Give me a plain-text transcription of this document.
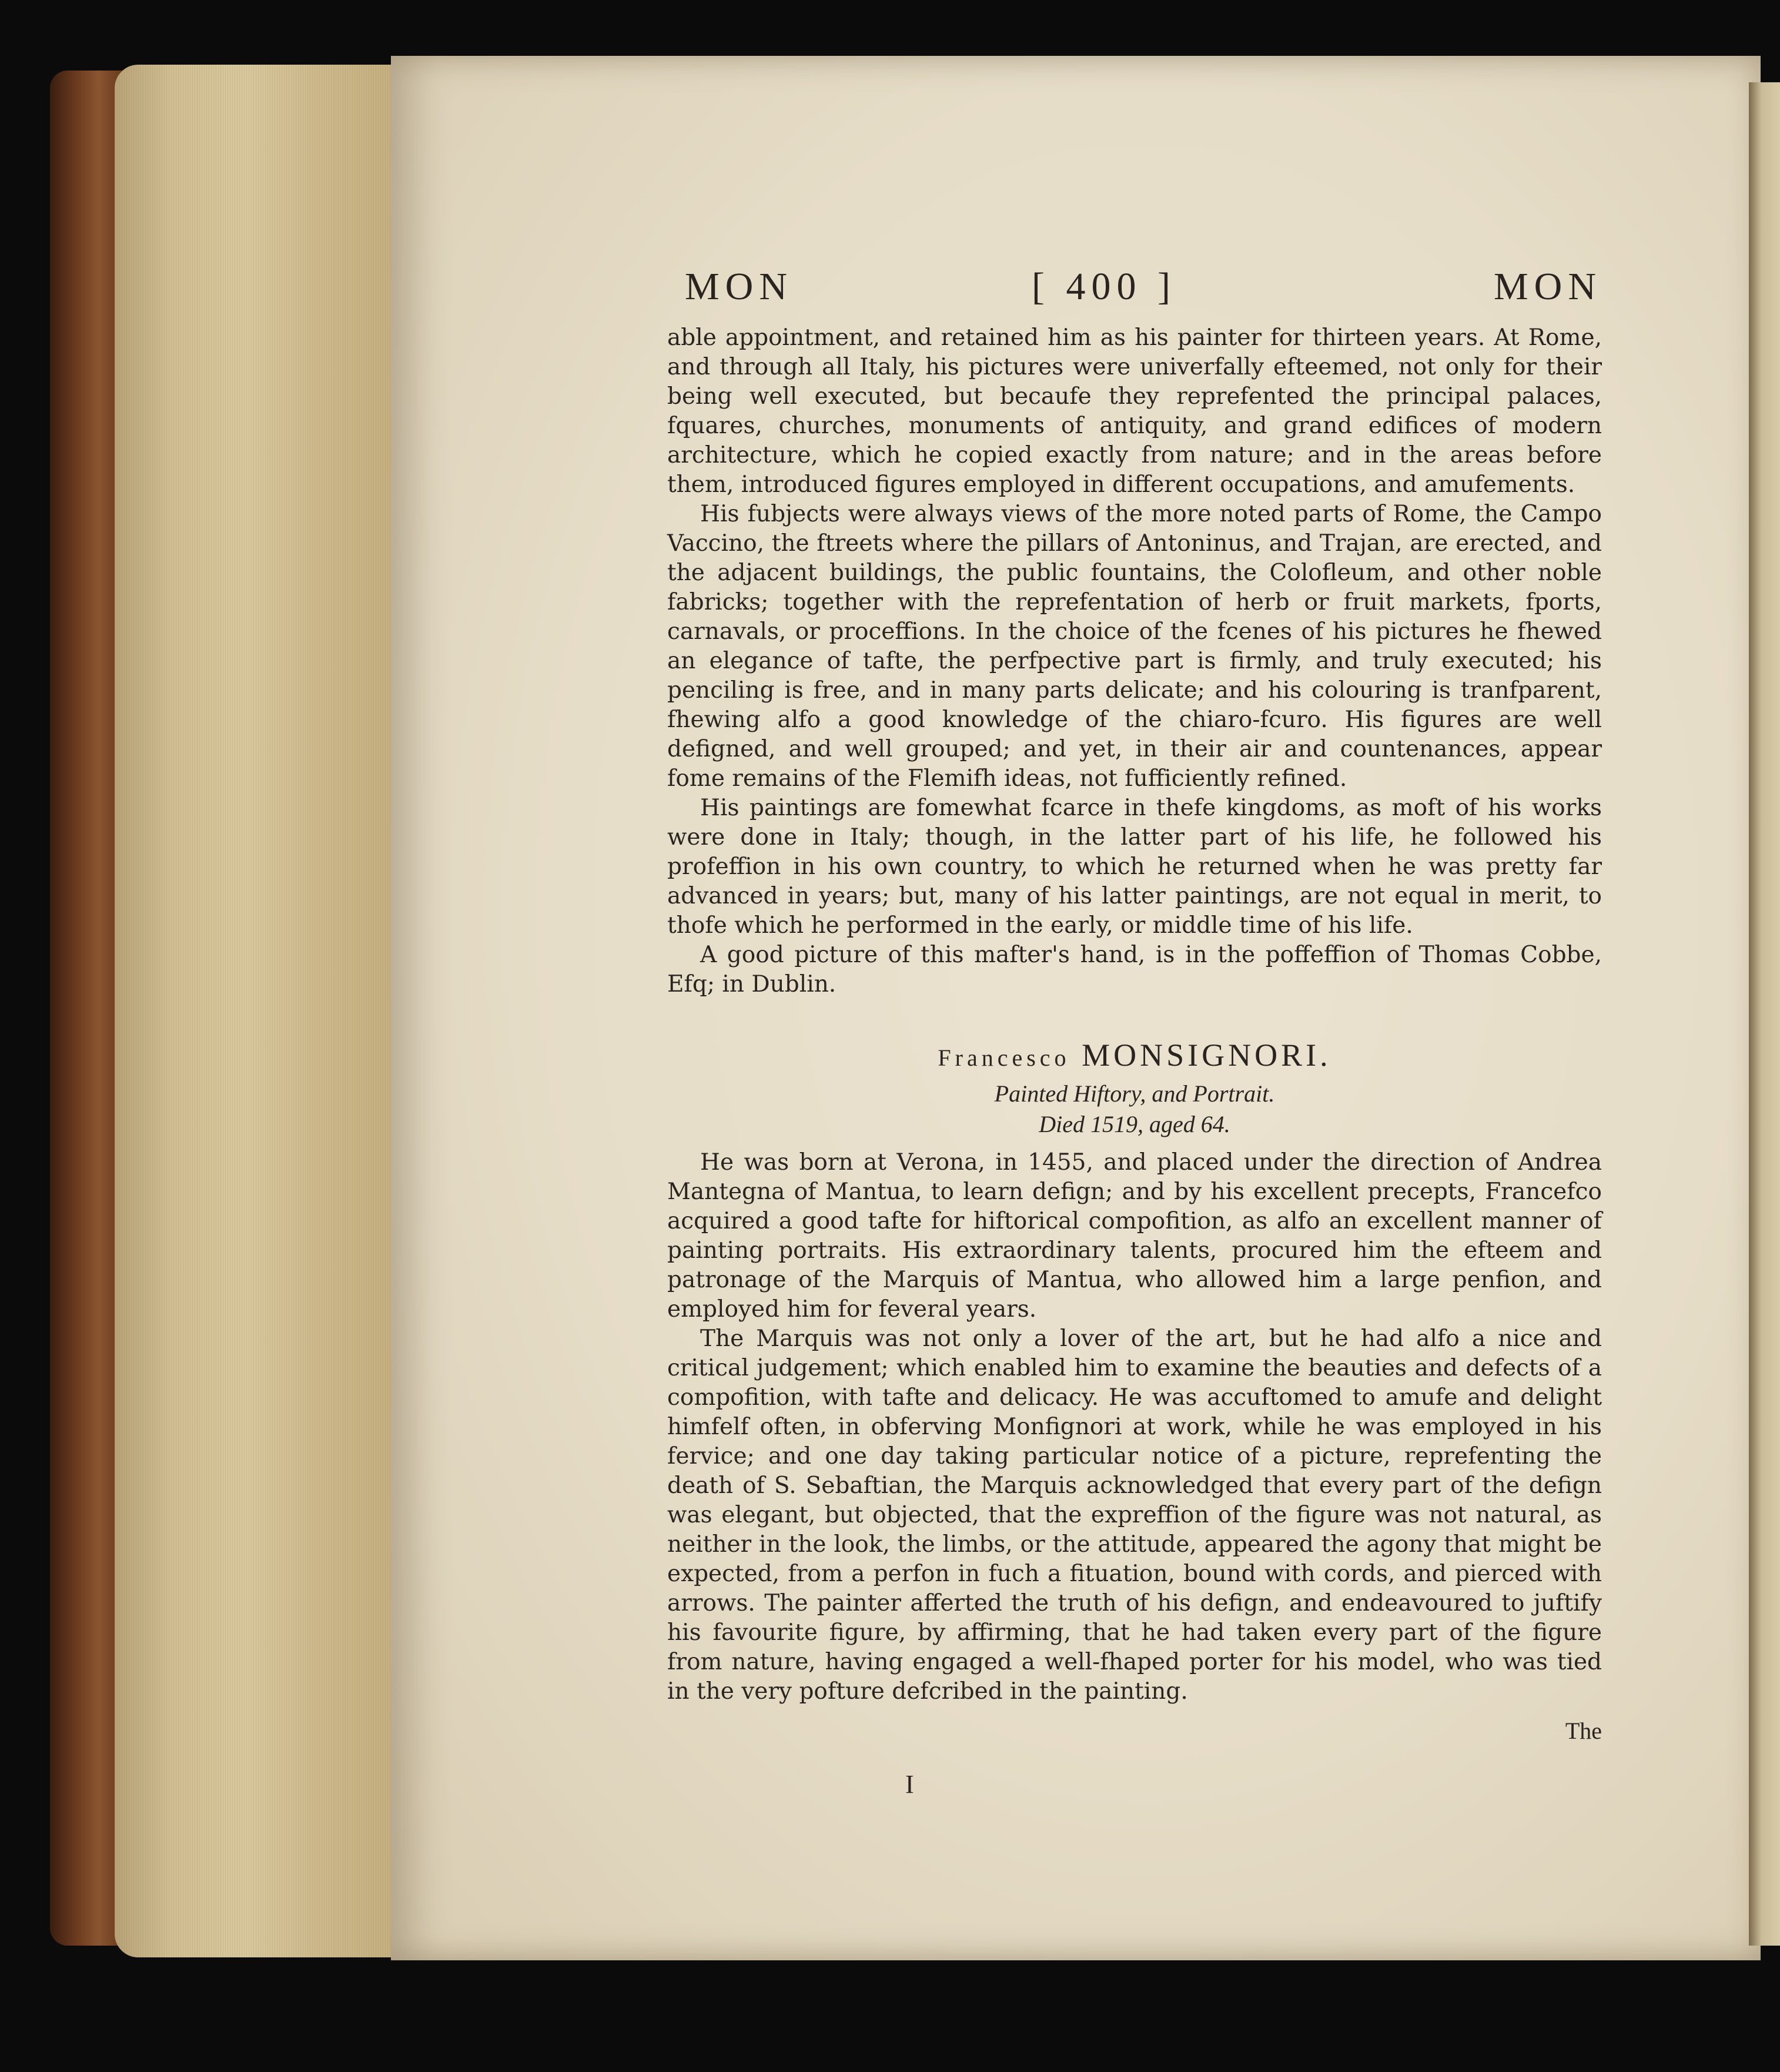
MON	[ 400 ]	MON

able appointment, and retained him as his painter for thirteen years. At Rome, and through all Italy, his pictures were univerfally efteemed, not only for their being well executed, but becaufe they reprefented the principal palaces, fquares, churches, monuments of antiquity, and grand edifices of modern architecture, which he copied exactly from nature; and in the areas before them, introduced figures employed in different occupations, and amufements.

His fubjects were always views of the more noted parts of Rome, the Campo Vaccino, the ftreets where the pillars of Antoninus, and Trajan, are erected, and the adjacent buildings, the public fountains, the Colofleum, and other noble fabricks; together with the reprefentation of herb or fruit markets, fports, carnavals, or proceffions. In the choice of the fcenes of his pictures he fhewed an elegance of tafte, the perfpective part is firmly, and truly executed; his penciling is free, and in many parts delicate; and his colouring is tranfparent, fhewing alfo a good knowledge of the chiaro-fcuro. His figures are well defigned, and well grouped; and yet, in their air and countenances, appear fome remains of the Flemifh ideas, not fufficiently refined.

His paintings are fomewhat fcarce in thefe kingdoms, as moft of his works were done in Italy; though, in the latter part of his life, he followed his profeffion in his own country, to which he returned when he was pretty far advanced in years; but, many of his latter paintings, are not equal in merit, to thofe which he performed in the early, or middle time of his life.

A good picture of this mafter's hand, is in the poffeffion of Thomas Cobbe, Efq; in Dublin.

Francesco MONSIGNORI.
Painted Hiftory, and Portrait.
Died 1519, aged 64.

He was born at Verona, in 1455, and placed under the direction of Andrea Mantegna of Mantua, to learn defign; and by his excellent precepts, Francefco acquired a good tafte for hiftorical compofition, as alfo an excellent manner of painting portraits. His extraordinary talents, procured him the efteem and patronage of the Marquis of Mantua, who allowed him a large penfion, and employed him for feveral years.

The Marquis was not only a lover of the art, but he had alfo a nice and critical judgement; which enabled him to examine the beauties and defects of a compofition, with tafte and delicacy. He was accuftomed to amufe and delight himfelf often, in obferving Monfignori at work, while he was employed in his fervice; and one day taking particular notice of a picture, reprefenting the death of S. Sebaftian, the Marquis acknowledged that every part of the defign was elegant, but objected, that the expreffion of the figure was not natural, as neither in the look, the limbs, or the attitude, appeared the agony that might be expected, from a perfon in fuch a fituation, bound with cords, and pierced with arrows. The painter afferted the truth of his defign, and endeavoured to juftify his favourite figure, by affirming, that he had taken every part of the figure from nature, having engaged a well-fhaped porter for his model, who was tied in the very pofture defcribed in the painting.

The
I
